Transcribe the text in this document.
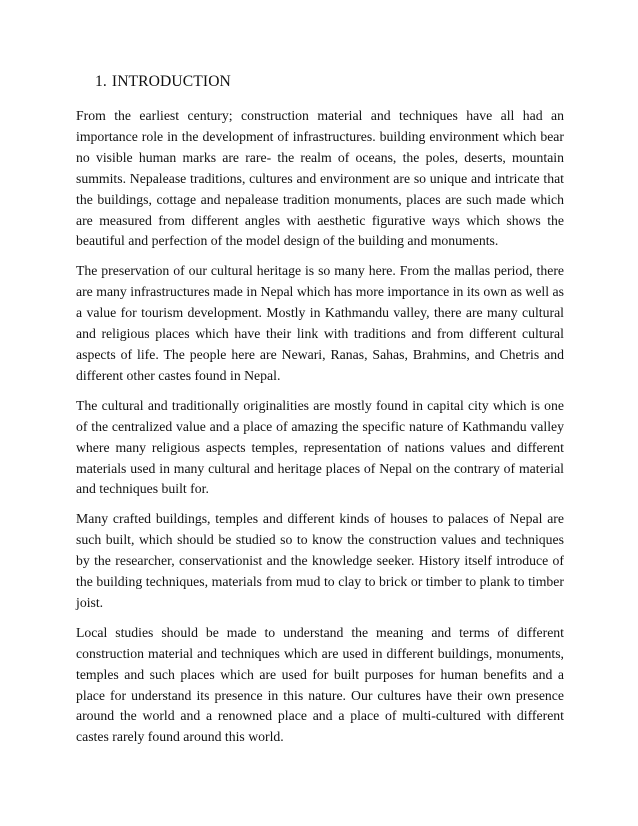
1. INTRODUCTION

From the earliest century; construction material and techniques have all had an importance role in the development of infrastructures. building environment which bear no visible human marks are rare- the realm of oceans, the poles, deserts, mountain summits. Nepalease traditions, cultures and environment are so unique and intricate that the buildings, cottage and nepalease tradition monuments, places are such made which are measured from different angles with aesthetic figurative ways which shows the beautiful and perfection of the model design of the building and monuments.

The preservation of our cultural heritage is so many here. From the mallas period, there are many infrastructures made in Nepal which has more importance in its own as well as a value for tourism development. Mostly in Kathmandu valley, there are many cultural and religious places which have their link with traditions and from different cultural aspects of life. The people here are Newari, Ranas, Sahas, Brahmins, and Chetris and different other castes found in Nepal.

The cultural and traditionally originalities are mostly found in capital city which is one of the centralized value and a place of amazing the specific nature of Kathmandu valley where many religious aspects temples, representation of nations values and different materials used in many cultural and heritage places of Nepal on the contrary of material and techniques built for.

Many crafted buildings, temples and different kinds of houses to palaces of Nepal are such built, which should be studied so to know the construction values and techniques by the researcher, conservationist and the knowledge seeker. History itself introduce of the building techniques, materials from mud to clay to brick or timber to plank to timber joist.

Local studies should be made to understand the meaning and terms of different construction material and techniques which are used in different buildings, monuments, temples and such places which are used for built purposes for human benefits and a place for understand its presence in this nature. Our cultures have their own presence around the world and a renowned place and a place of multi-cultured with different castes rarely found around this world.
